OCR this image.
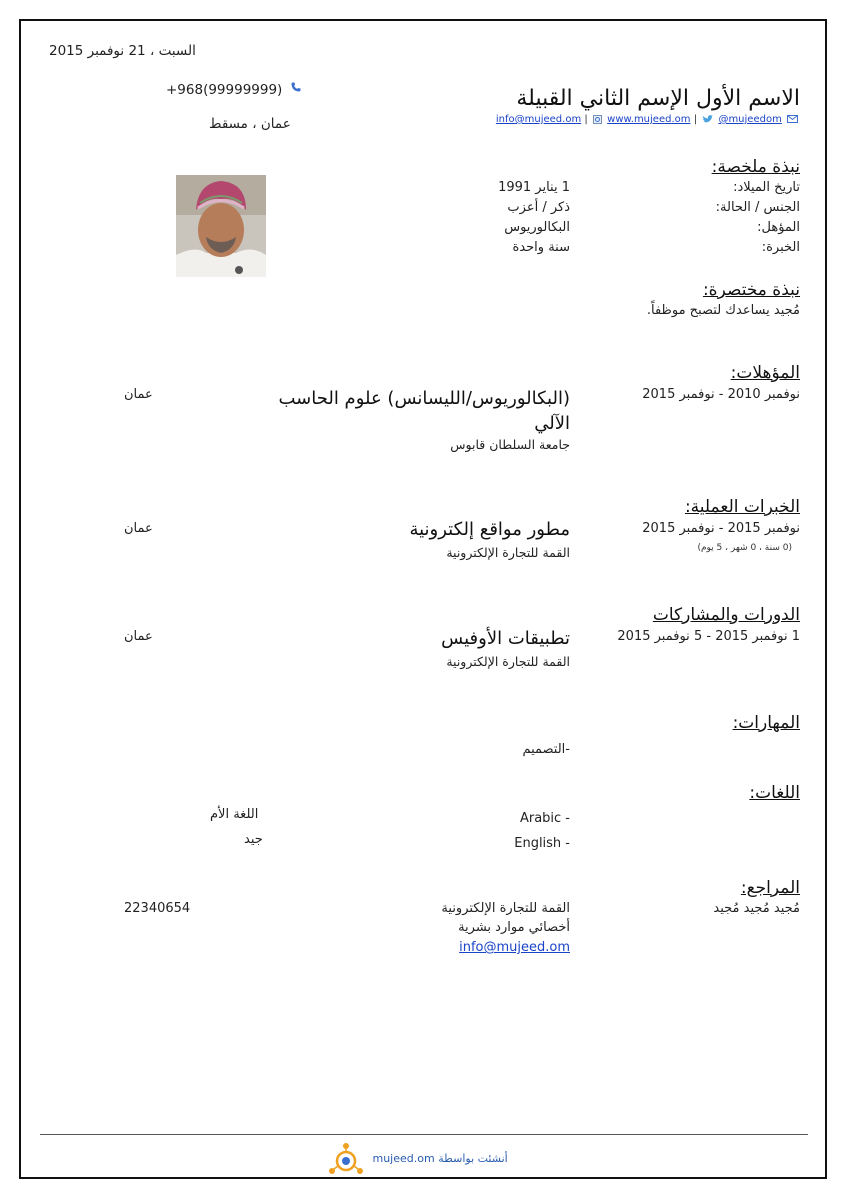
السبت ، 21 نوفمبر 2015
الاسم الأول الإسم الثاني القبيلة
info@mujeed.om | www.mujeed.om | @mujeedom
+968(99999999)
عمان ، مسقط
نبذة ملخصة:
تاريخ الميلاد:
الجنس / الحالة:
المؤهل:
الخبرة:
1 يناير 1991
ذكر / أعزب
البكالوريوس
سنة واحدة
نبذة مختصرة:
مُجيد يساعدك لتصبح موظفاً.
المؤهلات:
نوفمبر 2010 - نوفمبر 2015
(البكالوريوس/الليسانس) علوم الحاسب
الآلي
جامعة السلطان قابوس
عمان
الخبرات العملية:
نوفمبر 2015 - نوفمبر 2015
(0 سنة ، 0 شهر ، 5 يوم)
مطور مواقع إلكترونية
القمة للتجارة الإلكترونية
عمان
الدورات والمشاركات
1 نوفمبر 2015 - 5 نوفمبر 2015
تطبيقات الأوفيس
القمة للتجارة الإلكترونية
عمان
المهارات:
-التصميم
اللغات:
Arabic -
اللغة الأم
English -
جيد
المراجع:
مُجيد مُجيد مُجيد
القمة للتجارة الإلكترونية
أخصائي موارد بشرية
info@mujeed.om
22340654
أنشئت بواسطة mujeed.om
